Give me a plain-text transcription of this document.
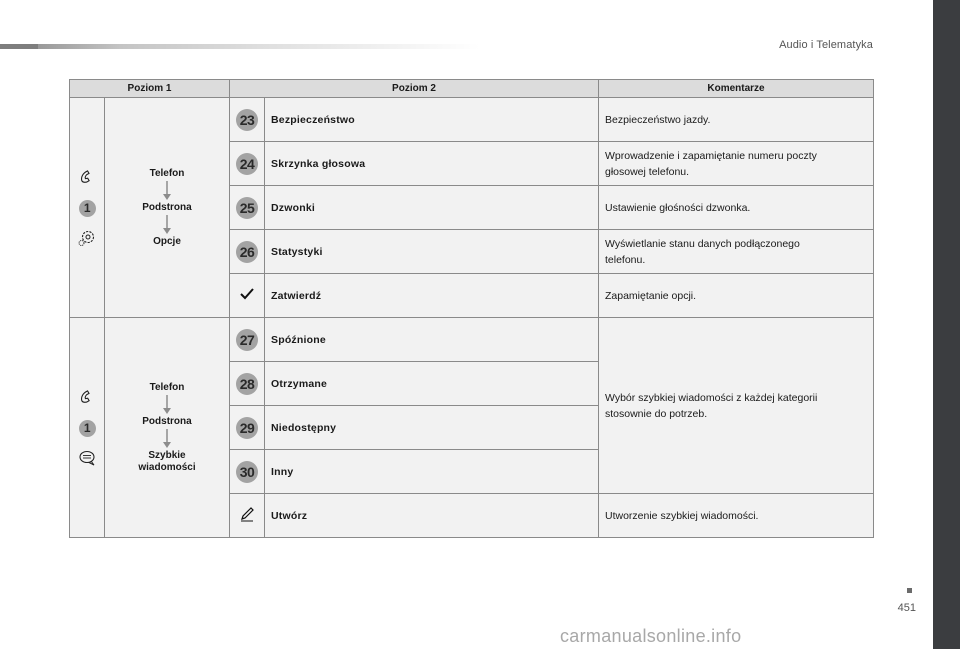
Audio i Telematyka
Poziom 1		Poziom 2		Komentarze

1	Telefon
Podstrona
Opcje	23	Bezpieczeństwo	Bezpieczeństwo jazdy.
		24	Skrzynka głosowa	Wprowadzenie i zapamiętanie numeru poczty głosowej telefonu.
		25	Dzwonki	Ustawienie głośności dzwonka.
		26	Statystyki	Wyświetlanie stanu danych podłączonego telefonu.
	Zatwierdź	Zapamiętanie opcji.

1	Telefon
Podstrona
Szybkie wiadomości	27	Spóźnione	Wybór szybkiej wiadomości z każdej kategorii stosownie do potrzeb.
		28	Otrzymane	
		29	Niedostępny	
		30	Inny	
	Utwórz	Utworzenie szybkiej wiadomości.
451
carmanualsonline.info
